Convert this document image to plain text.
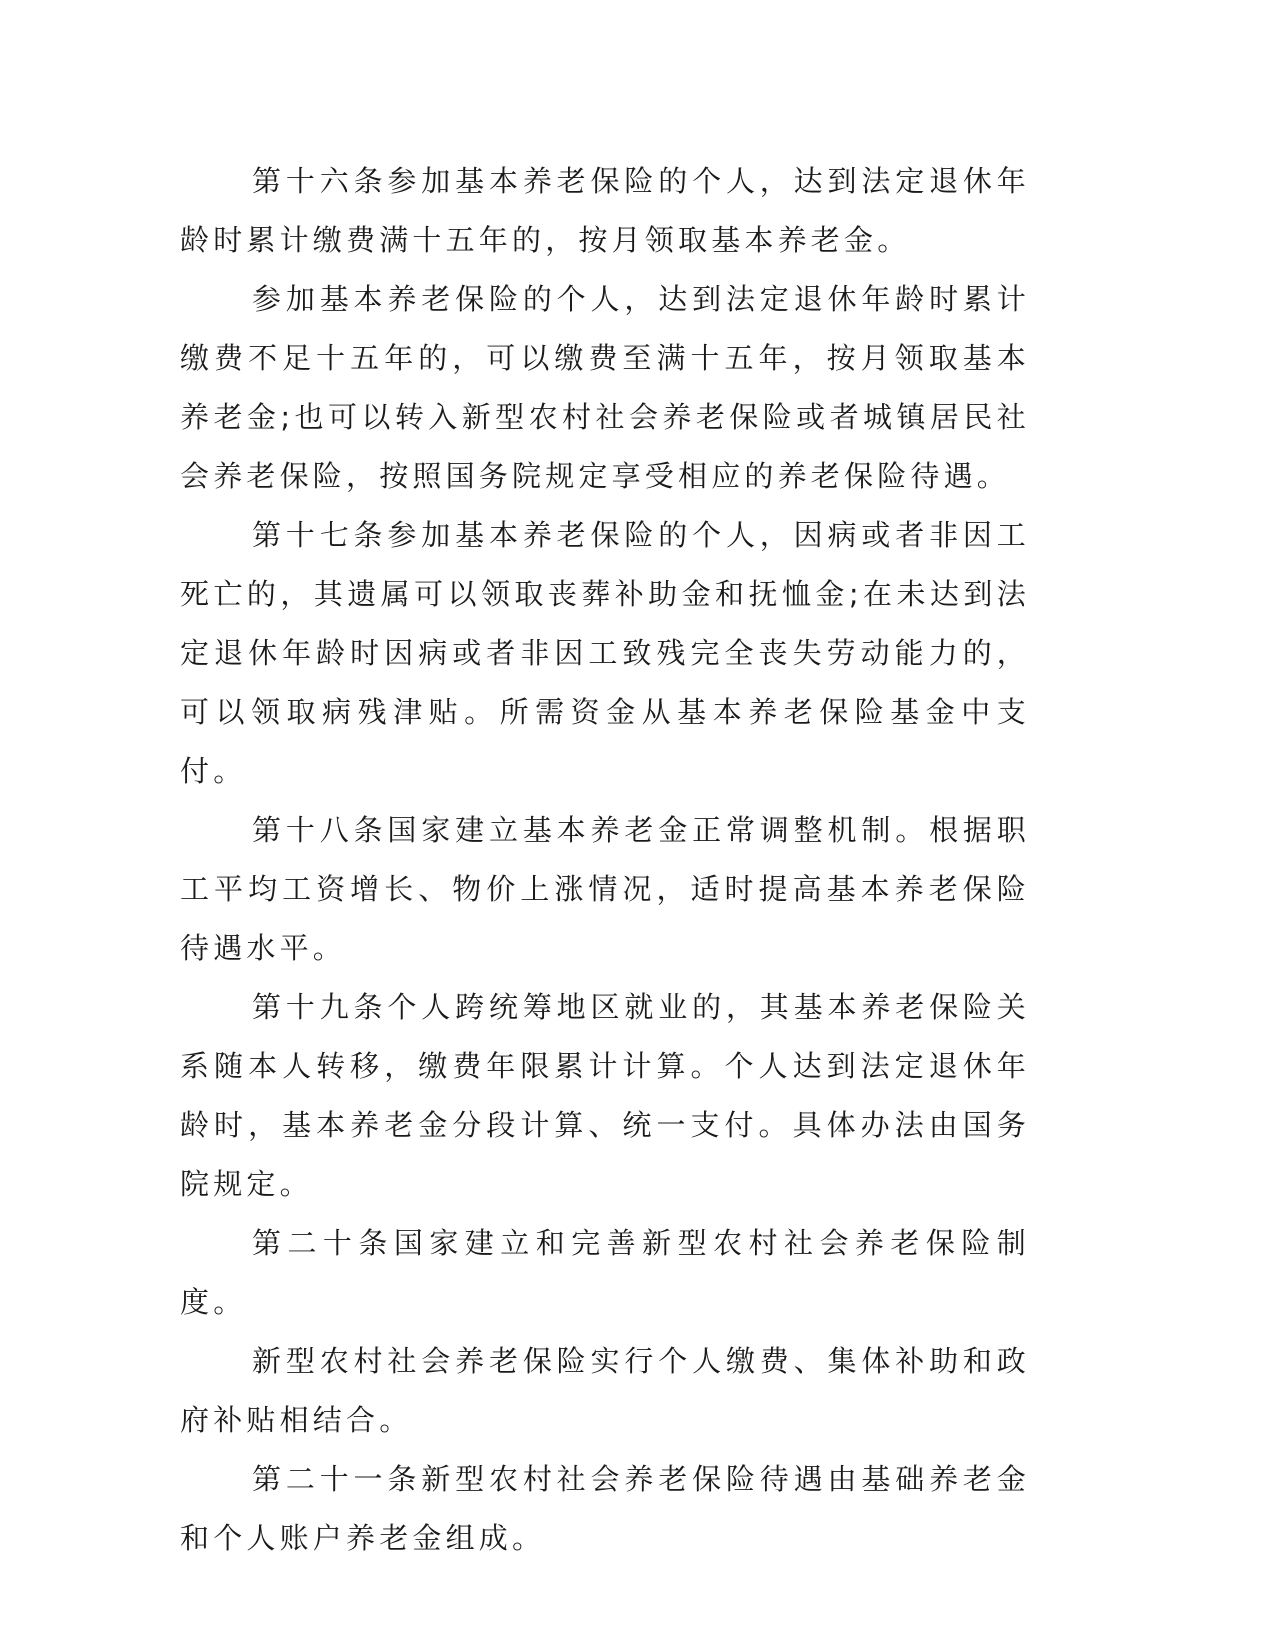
第十六条参加基本养老保险的个人，达到法定退休年龄时累计缴费满十五年的，按月领取基本养老金。

参加基本养老保险的个人，达到法定退休年龄时累计缴费不足十五年的，可以缴费至满十五年，按月领取基本养老金;也可以转入新型农村社会养老保险或者城镇居民社会养老保险，按照国务院规定享受相应的养老保险待遇。

第十七条参加基本养老保险的个人，因病或者非因工死亡的，其遗属可以领取丧葬补助金和抚恤金;在未达到法定退休年龄时因病或者非因工致残完全丧失劳动能力的，可以领取病残津贴。所需资金从基本养老保险基金中支付。

第十八条国家建立基本养老金正常调整机制。根据职工平均工资增长、物价上涨情况，适时提高基本养老保险待遇水平。

第十九条个人跨统筹地区就业的，其基本养老保险关系随本人转移，缴费年限累计计算。个人达到法定退休年龄时，基本养老金分段计算、统一支付。具体办法由国务院规定。

第二十条国家建立和完善新型农村社会养老保险制度。

新型农村社会养老保险实行个人缴费、集体补助和政府补贴相结合。

第二十一条新型农村社会养老保险待遇由基础养老金和个人账户养老金组成。
